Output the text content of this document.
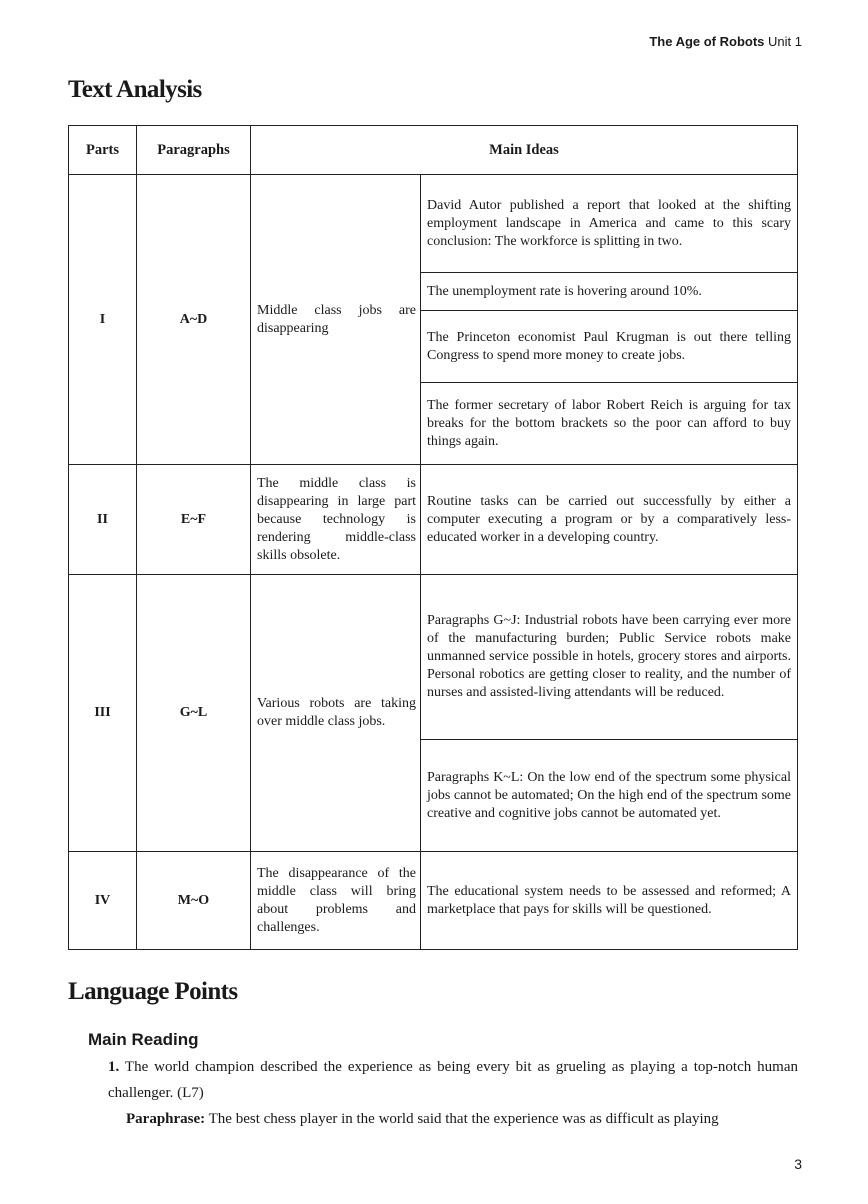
The Age of Robots Unit 1
Text Analysis
Parts	Paragraphs	Main Ideas	
I	A~D	Middle class jobs are disappearing	David Autor published a report that looked at the shifting employment landscape in America and came to this scary conclusion: The workforce is splitting in two.
			The unemployment rate is hovering around 10%.
			The Princeton economist Paul Krugman is out there telling Congress to spend more money to create jobs.
			The former secretary of labor Robert Reich is arguing for tax breaks for the bottom brackets so the poor can afford to buy things again.
II	E~F	The middle class is disappearing in large part because technology is rendering middle-class skills obsolete.	Routine tasks can be carried out successfully by either a computer executing a program or by a comparatively less-educated worker in a developing country.
III	G~L	Various robots are taking over middle class jobs.	Paragraphs G~J: Industrial robots have been carrying ever more of the manufacturing burden; Public Service robots make unmanned service possible in hotels, grocery stores and airports. Personal robotics are getting closer to reality, and the number of nurses and assisted-living attendants will be reduced.
			Paragraphs K~L: On the low end of the spectrum some physical jobs cannot be automated; On the high end of the spectrum some creative and cognitive jobs cannot be automated yet.
IV	M~O	The disappearance of the middle class will bring about problems and challenges.	The educational system needs to be assessed and reformed; A marketplace that pays for skills will be questioned.
Language Points
Main Reading
1. The world champion described the experience as being every bit as grueling as playing a top-notch human challenger. (L7)
Paraphrase: The best chess player in the world said that the experience was as difficult as playing
3
